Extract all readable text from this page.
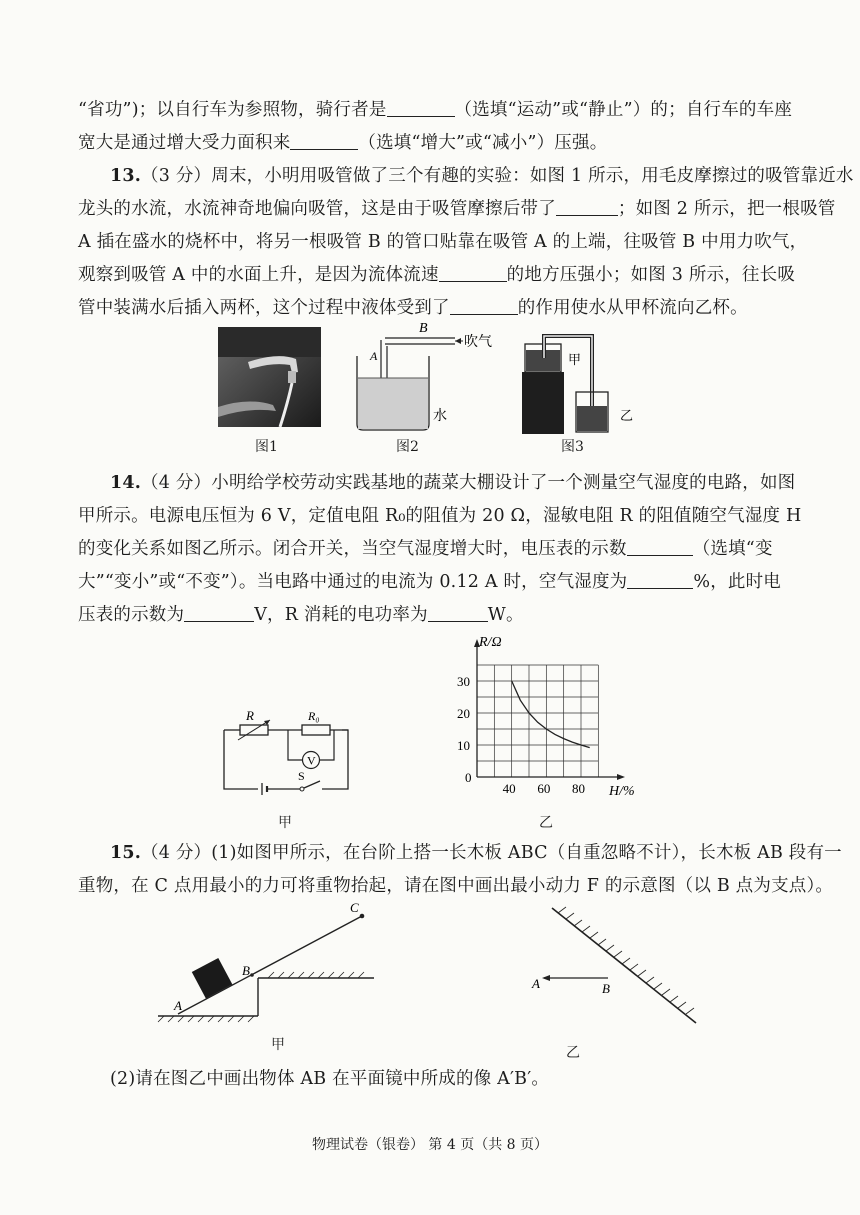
“省功”)；以自行车为参照物，骑行者是	（选填“运动”或“静止”）的；自行车的车座
宽大是通过增大受力面积来	（选填“增大”或“减小”）压强。
13.（3 分）周末，小明用吸管做了三个有趣的实验：如图 1 所示，用毛皮摩擦过的吸管靠近水
龙头的水流，水流神奇地偏向吸管，这是由于吸管摩擦后带了	；如图 2 所示，把一根吸管
A 插在盛水的烧杯中，将另一根吸管 B 的管口贴靠在吸管 A 的上端，往吸管 B 中用力吹气，
观察到吸管 A 中的水面上升，是因为流体流速	的地方压强小；如图 3 所示，往长吸
管中装满水后插入两杯，这个过程中液体受到了	的作用使水从甲杯流向乙杯。
图1
B
吹气
A
水
图2
甲
乙
图3
14.（4 分）小明给学校劳动实践基地的蔬菜大棚设计了一个测量空气湿度的电路，如图
甲所示。电源电压恒为 6 V，定值电阻 R₀的阻值为 20 Ω，湿敏电阻 R 的阻值随空气湿度 H
的变化关系如图乙所示。闭合开关，当空气湿度增大时，电压表的示数	（选填“变
大”“变小”或“不变”）。当电路中通过的电流为 0.12 A 时，空气湿度为	%，此时电
压表的示数为	V，R 消耗的电功率为	W。
R	R₀
S
V
甲
40 60 80
0
10
20
30
R/Ω
H/%
乙
15.（4 分）(1)如图甲所示，在台阶上搭一长木板 ABC（自重忽略不计），长木板 AB 段有一
重物，在 C 点用最小的力可将重物抬起，请在图中画出最小动力 F 的示意图（以 B 点为支点）。
A
B
C
甲
A	B
乙
(2)请在图乙中画出物体 AB 在平面镜中所成的像 A′B′。
物理试卷（银卷） 第 4 页（共 8 页）
